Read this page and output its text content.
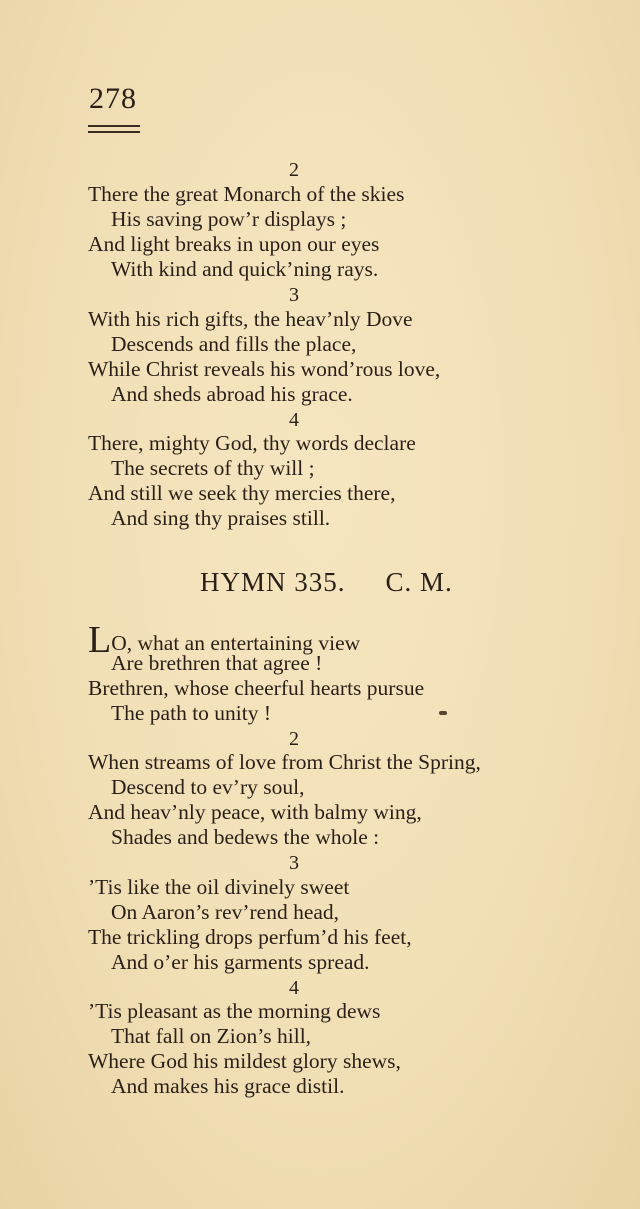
278
2
There the great Monarch of the skies
His saving pow’r displays ;
And light breaks in upon our eyes
With kind and quick’ning rays.
3
With his rich gifts, the heav’nly Dove
Descends and fills the place,
While Christ reveals his wond’rous love,
And sheds abroad his grace.
4
There, mighty God, thy words declare
The secrets of thy will ;
And still we seek thy mercies there,
And sing thy praises still.
HYMN 335. C. M.
LO, what an entertaining view
Are brethren that agree !
Brethren, whose cheerful hearts pursue
The path to unity !
2
When streams of love from Christ the Spring,
Descend to ev’ry soul,
And heav’nly peace, with balmy wing,
Shades and bedews the whole :
3
’Tis like the oil divinely sweet
On Aaron’s rev’rend head,
The trickling drops perfum’d his feet,
And o’er his garments spread.
4
’Tis pleasant as the morning dews
That fall on Zion’s hill,
Where God his mildest glory shews,
And makes his grace distil.
